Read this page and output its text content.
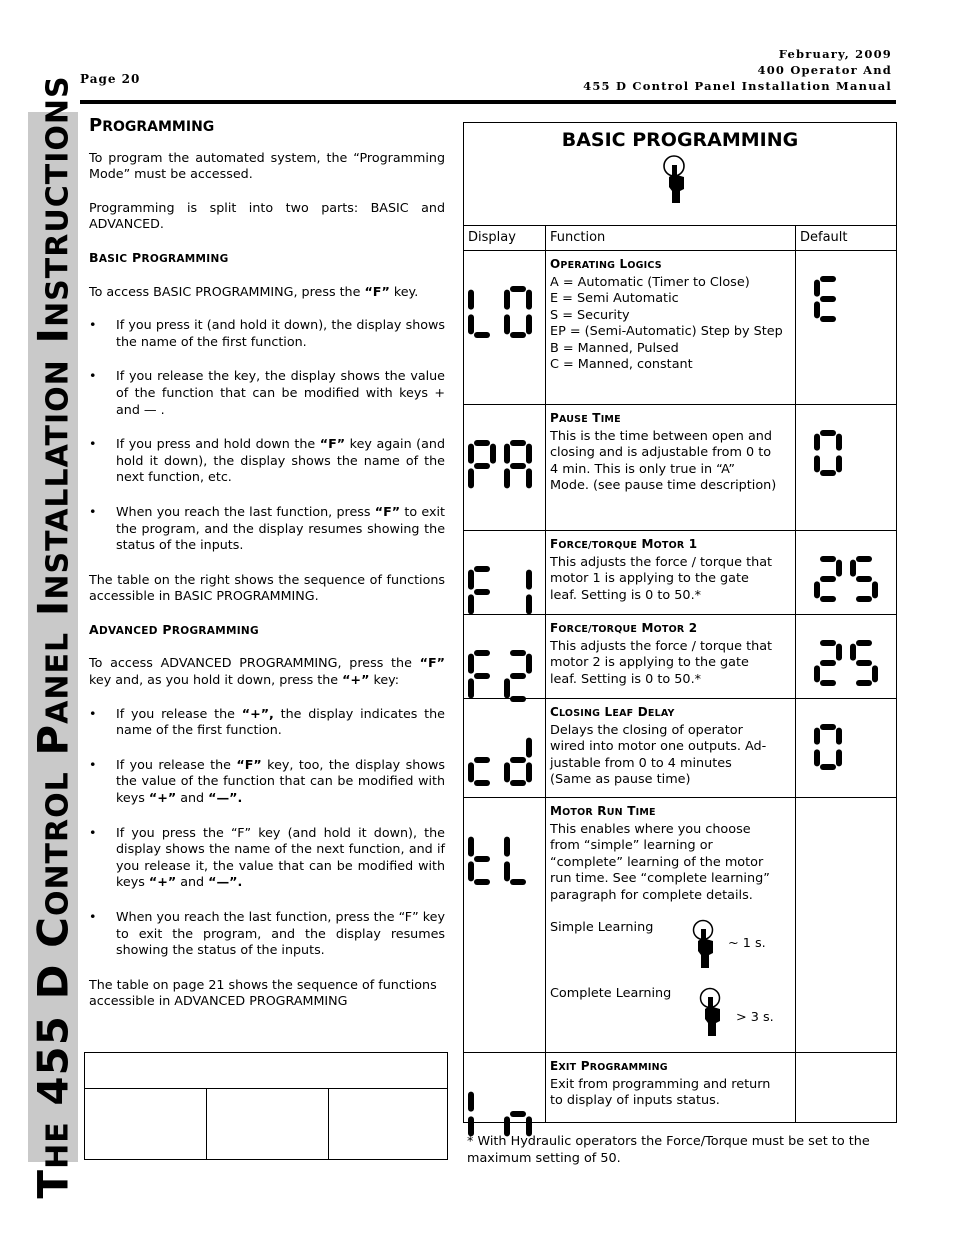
Page 20
February, 2009
400 Operator And
455 D Control Panel Installation Manual
THE 455 D CONTROL PANEL INSTALLATION INSTRUCTIONS PROGRAMMING

To program the automated system, the “Programming Mode” must be accessed.

Programming is split into two parts: BASIC and ADVANCED.

BASIC PROGRAMMING

To access BASIC PROGRAMMING, press the “F” key.

• If you press it (and hold it down), the display shows the name of the first function.
• If you release the key, the display shows the value of the function that can be modified with keys + and — .
• If you press and hold down the “F” key again (and hold it down), the display shows the name of the next function, etc.
• When you reach the last function, press “F” to exit the program, and the display resumes showing the status of the inputs.

The table on the right shows the sequence of functions accessible in BASIC PROGRAMMING.

ADVANCED PROGRAMMING

To access ADVANCED PROGRAMMING, press the “F” key and, as you hold it down, press the “+” key:

• If you release the “+”, the display indicates the name of the first function.
• If you release the “F” key, too, the display shows the value of the function that can be modified with keys “+” and “—”.
• If you press the “F” key (and hold it down), the display shows the name of the next function, and if you release it, the value that can be modified with keys “+” and “—”.
• When you reach the last function, press the “F” key to exit the program, and the display resumes showing the status of the inputs.

The table on page 21 shows the sequence of functions accessible in ADVANCED PROGRAMMING

BASIC PROGRAMMING
Display	Function	Default
OPERATING LOGICS
A = Automatic (Timer to Close)
E = Semi Automatic
S = Security
EP = (Semi-Automatic) Step by Step
B = Manned, Pulsed
C = Manned, constant
PAUSE TIME
This is the time between open and
closing and is adjustable from 0 to
4 min. This is only true in “A”
Mode. (see pause time description)
FORCE/TORQUE MOTOR 1
This adjusts the force / torque that
motor 1 is applying to the gate
leaf. Setting is 0 to 50.*
FORCE/TORQUE MOTOR 2
This adjusts the force / torque that
motor 2 is applying to the gate
leaf. Setting is 0 to 50.*
CLOSING LEAF DELAY
Delays the closing of operator
wired into motor one outputs. Ad-
justable from 0 to 4 minutes
(Same as pause time)
MOTOR RUN TIME
This enables where you choose
from “simple” learning or
“complete” learning of the motor
run time. See “complete learning”
paragraph for complete details.
Simple Learning
~ 1 s.
Complete Learning
> 3 s.
EXIT PROGRAMMING
Exit from programming and return
to display of inputs status.
* With Hydraulic operators the Force/Torque must be set to the maximum setting of 50.
